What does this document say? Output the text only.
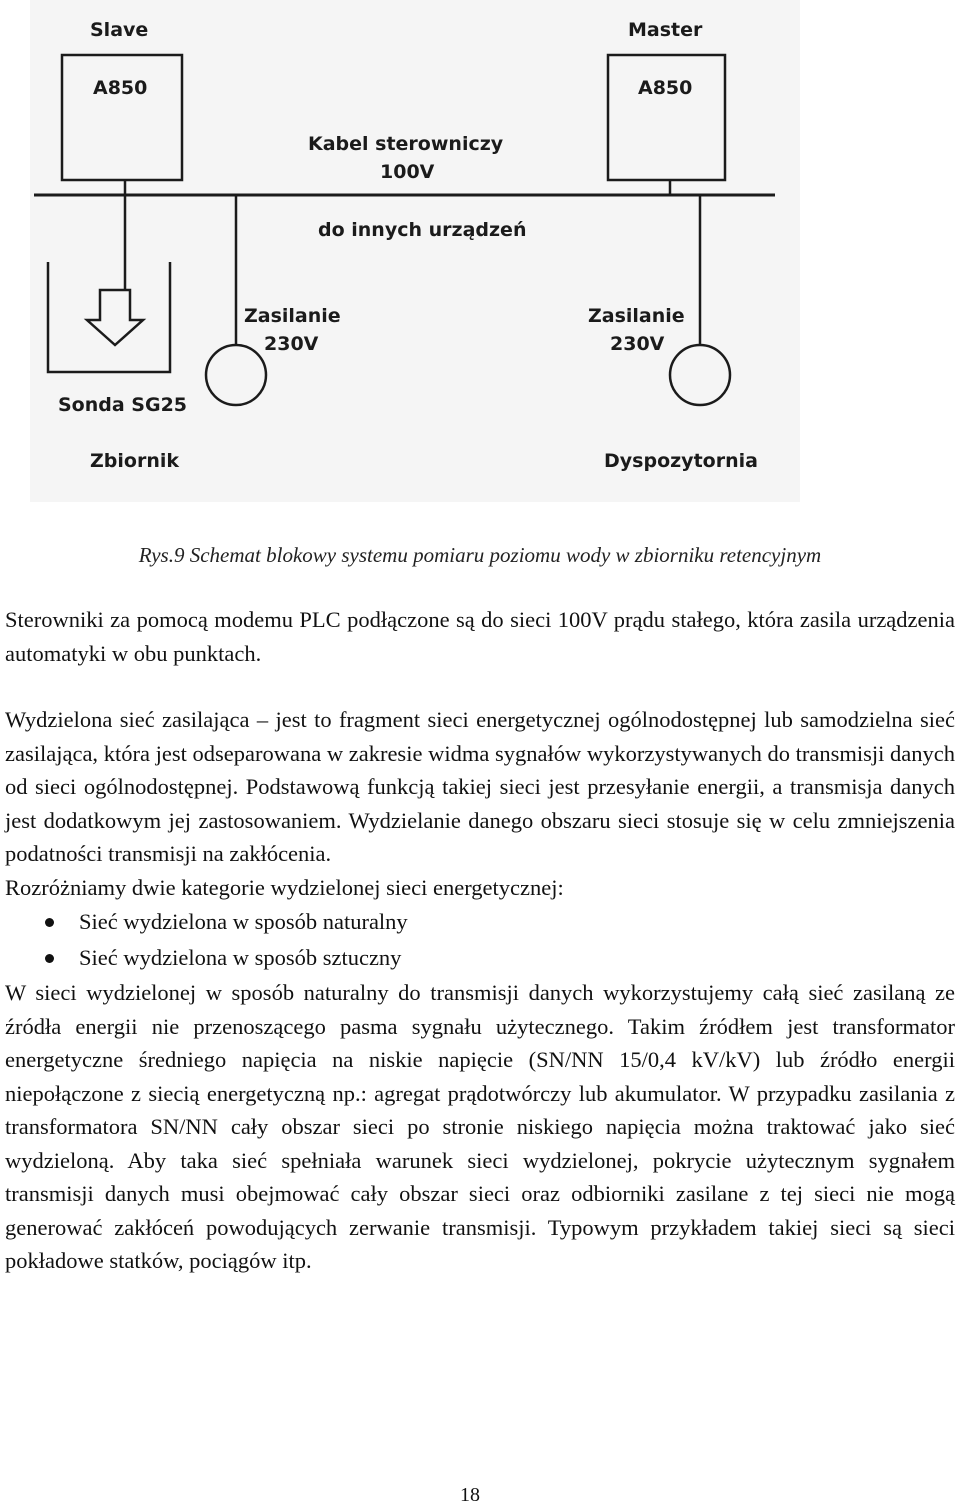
Slave	Master
A850	A850
Kabel sterowniczy
100V
do innych urządzeń
Zasilanie
230V
Zasilanie
230V
Sonda SG25
Zbiornik	Dyspozytornia
Rys.9 Schemat blokowy systemu pomiaru poziomu wody w zbiorniku retencyjnym

Sterowniki za pomocą modemu PLC podłączone są do sieci 100V prądu stałego, która zasila urządzenia automatyki w obu punktach.

Wydzielona sieć zasilająca – jest to fragment sieci energetycznej ogólnodostępnej lub samodzielna sieć zasilająca, która jest odseparowana w zakresie widma sygnałów wykorzystywanych do transmisji danych od sieci ogólnodostępnej. Podstawową funkcją takiej sieci jest przesyłanie energii, a transmisja danych jest dodatkowym jej zastosowaniem. Wydzielanie danego obszaru sieci stosuje się w celu zmniejszenia podatności transmisji na zakłócenia.

Rozróżniamy dwie kategorie wydzielonej sieci energetycznej:

Sieć wydzielona w sposób naturalny
Sieć wydzielona w sposób sztuczny

W sieci wydzielonej w sposób naturalny do transmisji danych wykorzystujemy całą sieć zasilaną ze źródła energii nie przenoszącego pasma sygnału użytecznego. Takim źródłem jest transformator energetyczne średniego napięcia na niskie napięcie (SN/NN 15/0,4 kV/kV) lub źródło energii niepołączone z siecią energetyczną np.: agregat prądotwórczy lub akumulator. W przypadku zasilania z transformatora SN/NN cały obszar sieci po stronie niskiego napięcia można traktować jako sieć wydzieloną. Aby taka sieć spełniała warunek sieci wydzielonej, pokrycie użytecznym sygnałem transmisji danych musi obejmować cały obszar sieci oraz odbiorniki zasilane z tej sieci nie mogą generować zakłóceń powodujących zerwanie transmisji. Typowym przykładem takiej sieci są sieci pokładowe statków, pociągów itp.

18
